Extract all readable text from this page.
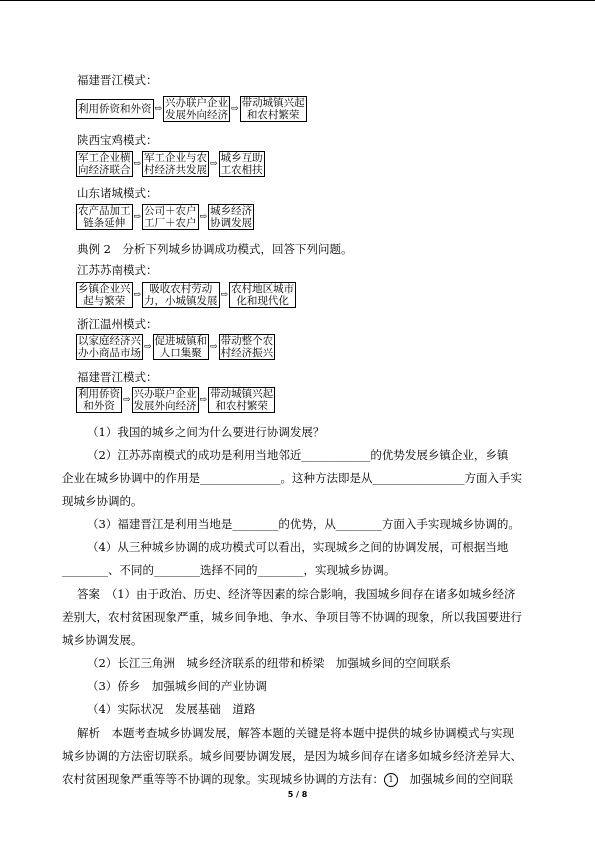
福建晋江模式：
利用侨资和外资 ⇨ 兴办联户企业
发展外向经济 ⇨ 带动城镇兴起
和农村繁荣
陕西宝鸡模式：
军工企业横
向经济联合 ⇨ 军工企业与农
村经济共发展 ⇨ 城乡互助
工农相扶
山东诸城模式：
农产品加工
链条延伸 ⇨ 公司＋农户
工厂＋农户 ⇨ 城乡经济
协调发展
典例 2　分析下列城乡协调成功模式，回答下列问题。
江苏苏南模式：
乡镇企业兴
起与繁荣 ⇨ 吸收农村劳动
力，小城镇发展 ⇨ 农村地区城市
化和现代化
浙江温州模式：
以家庭经济兴
办小商品市场 ⇨ 促进城镇和
人口集聚 ⇨ 带动整个农
村经济振兴
福建晋江模式：
利用侨资
和外资 ⇨ 兴办联户企业
发展外向经济 ⇨ 带动城镇兴起
和农村繁荣
（1）我国的城乡之间为什么要进行协调发展？
（2）江苏苏南模式的成功是利用当地邻近____________的优势发展乡镇企业，乡镇
企业在城乡协调中的作用是______________。这种方法即是从________________方面入手实
现城乡协调的。
（3）福建晋江是利用当地是________的优势，从________方面入手实现城乡协调的。
（4）从三种城乡协调的成功模式可以看出，实现城乡之间的协调发展，可根据当地
________、不同的________选择不同的________，实现城乡协调。
答案　（1）由于政治、历史、经济等因素的综合影响，我国城乡间存在诸多如城乡经济
差别大，农村贫困现象严重，城乡间争地、争水、争项目等不协调的现象，所以我国要进行
城乡协调发展。
（2）长江三角洲　城乡经济联系的纽带和桥梁　加强城乡间的空间联系
（3）侨乡　加强城乡间的产业协调
（4）实际状况　发展基础　道路
解析　本题考查城乡协调发展，解答本题的关键是将本题中提供的城乡协调模式与实现
城乡协调的方法密切联系。城乡间要协调发展，是因为城乡间存在诸多如城乡经济差异大、
农村贫困现象严重等等不协调的现象。实现城乡协调的方法有： 1　加强城乡间的空间联
5 / 8
